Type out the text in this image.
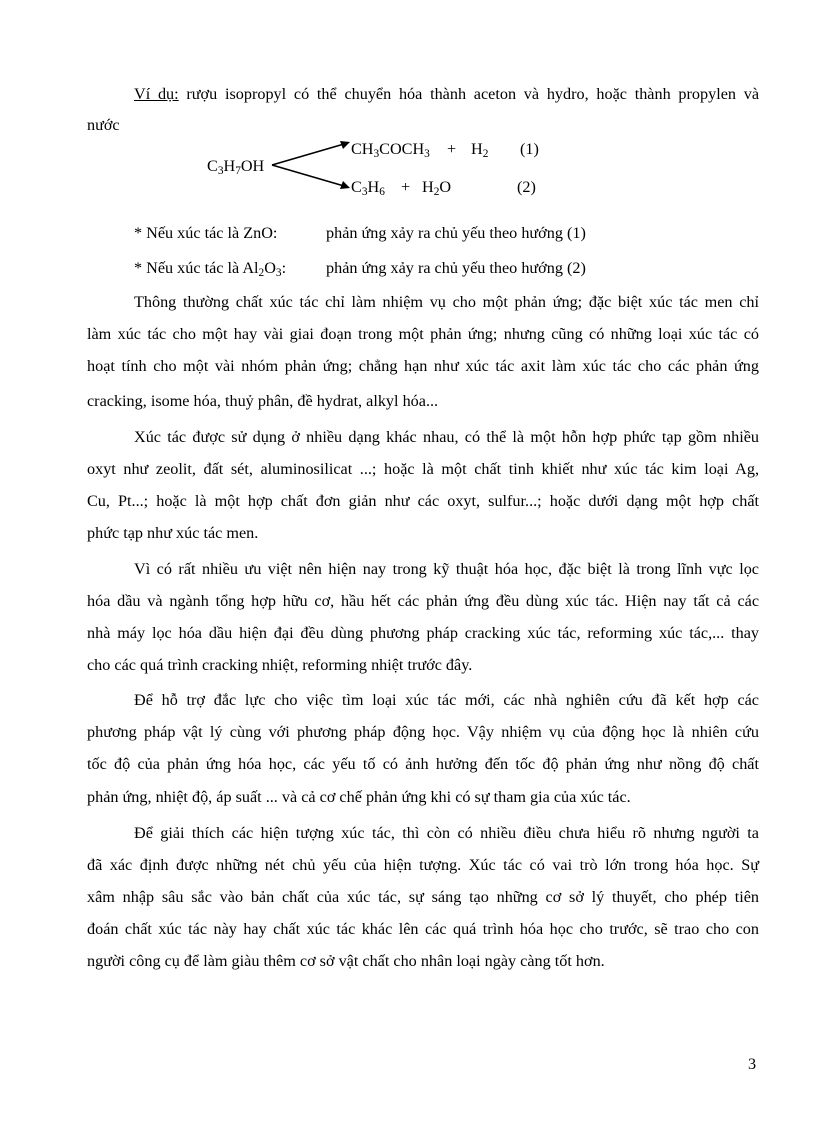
Ví dụ: rượu isopropyl có thể chuyển hóa thành aceton và hydro, hoặc thành propylen và
nước
$C_3H_7OH$
$CH_3COCH_3 + H_2$ (1)
$C_3H_6 + H_2O$	(2)
* Nếu xúc tác là ZnO:	phản ứng xảy ra chủ yếu theo hướng (1)
* Nếu xúc tác là $Al_2O_3$: phản ứng xảy ra chủ yếu theo hướng (2)
Thông thường chất xúc tác chỉ làm nhiệm vụ cho một phản ứng; đặc biệt xúc tác men chỉ
làm xúc tác cho một hay vài giai đoạn trong một phản ứng; nhưng cũng có những loại xúc tác có
hoạt tính cho một vài nhóm phản ứng; chẳng hạn như xúc tác axit làm xúc tác cho các phản ứng
cracking, isome hóa, thuỷ phân, đề hydrat, alkyl hóa...
Xúc tác được sử dụng ở nhiều dạng khác nhau, có thể là một hỗn hợp phức tạp gồm nhiều
oxyt như zeolit, đất sét, aluminosilicat ...; hoặc là một chất tinh khiết như xúc tác kim loại Ag,
Cu, Pt...; hoặc là một hợp chất đơn giản như các oxyt, sulfur...; hoặc dưới dạng một hợp chất
phức tạp như xúc tác men.
Vì có rất nhiều ưu việt nên hiện nay trong kỹ thuật hóa học, đặc biệt là trong lĩnh vực lọc
hóa dầu và ngành tổng hợp hữu cơ, hầu hết các phản ứng đều dùng xúc tác. Hiện nay tất cả các
nhà máy lọc hóa dầu hiện đại đều dùng phương pháp cracking xúc tác, reforming xúc tác,... thay
cho các quá trình cracking nhiệt, reforming nhiệt trước đây.
Để hỗ trợ đắc lực cho việc tìm loại xúc tác mới, các nhà nghiên cứu đã kết hợp các
phương pháp vật lý cùng với phương pháp động học. Vậy nhiệm vụ của động học là nhiên cứu
tốc độ của phản ứng hóa học, các yếu tố có ảnh hưởng đến tốc độ phản ứng như nồng độ chất
phản ứng, nhiệt độ, áp suất ... và cả cơ chế phản ứng khi có sự tham gia của xúc tác.
Để giải thích các hiện tượng xúc tác, thì còn có nhiều điều chưa hiểu rõ nhưng người ta
đã xác định được những nét chủ yếu của hiện tượng. Xúc tác có vai trò lớn trong hóa học. Sự
xâm nhập sâu sắc vào bản chất của xúc tác, sự sáng tạo những cơ sở lý thuyết, cho phép tiên
đoán chất xúc tác này hay chất xúc tác khác lên các quá trình hóa học cho trước, sẽ trao cho con
người công cụ để làm giàu thêm cơ sở vật chất cho nhân loại ngày càng tốt hơn.
3
